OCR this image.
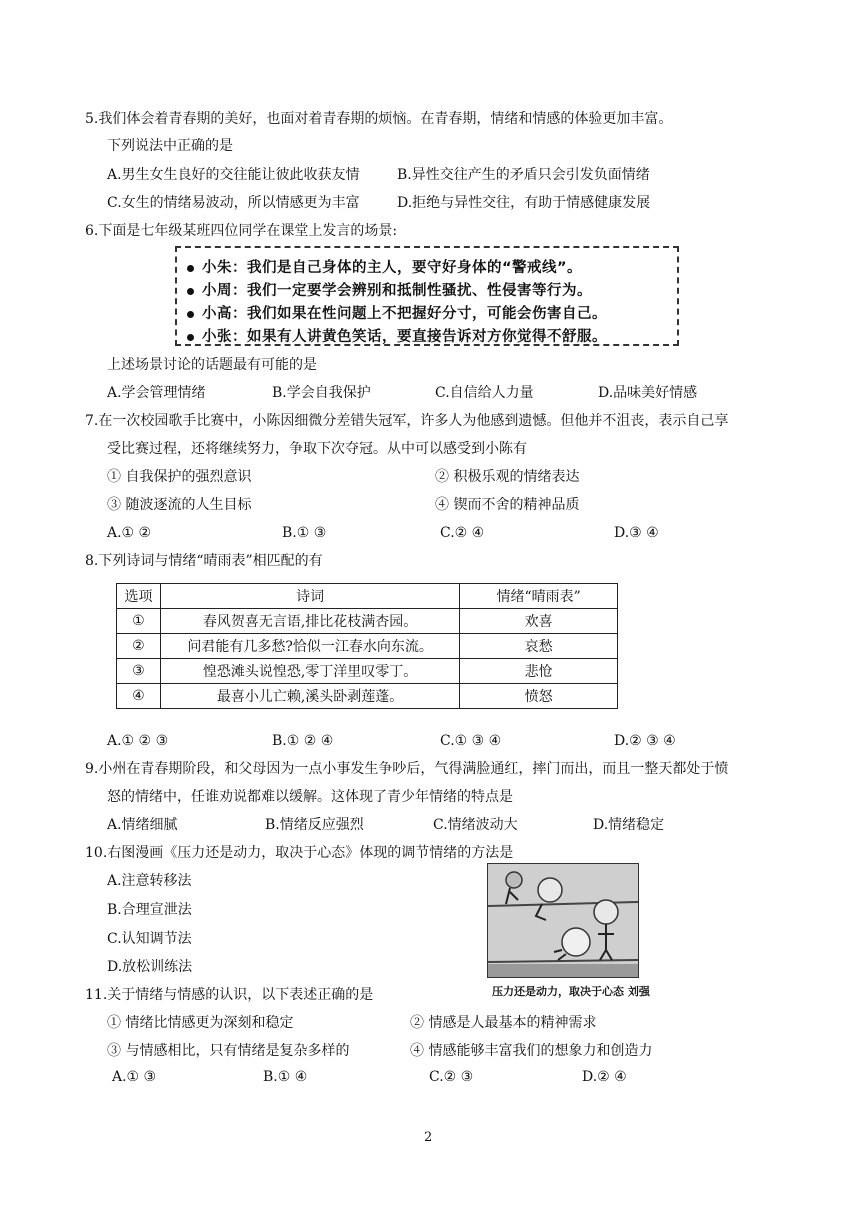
5.我们体会着青春期的美好，也面对着青春期的烦恼。在青春期，情绪和情感的体验更加丰富。
下列说法中正确的是
A.男生女生良好的交往能让彼此收获友情	B.异性交往产生的矛盾只会引发负面情绪
C.女生的情绪易波动，所以情感更为丰富	D.拒绝与异性交往，有助于情感健康发展
6.下面是七年级某班四位同学在课堂上发言的场景:
小朱：我们是自己身体的主人，要守好身体的“警戒线”。
小周：我们一定要学会辨别和抵制性骚扰、性侵害等行为。
小高：我们如果在性问题上不把握好分寸，可能会伤害自己。
小张：如果有人讲黄色笑话，要直接告诉对方你觉得不舒服。
上述场景讨论的话题最有可能的是
A.学会管理情绪	B.学会自我保护	C.自信给人力量	D.品味美好情感
7.在一次校园歌手比赛中，小陈因细微分差错失冠军，许多人为他感到遗憾。但他并不沮丧，表示自己享
受比赛过程，还将继续努力，争取下次夺冠。从中可以感受到小陈有
① 自我保护的强烈意识	② 积极乐观的情绪表达
③ 随波逐流的人生目标	④ 锲而不舍的精神品质
A.① ②	B.① ③	C.② ④	D.③ ④
8.下列诗词与情绪“晴雨表”相匹配的有
选项	诗词	情绪“晴雨表”
①	春风贺喜无言语,排比花枝满杏园。	欢喜
②	问君能有几多愁?恰似一江春水向东流。	哀愁
③	惶恐滩头说惶恐,零丁洋里叹零丁。	悲怆
④	最喜小儿亡赖,溪头卧剥莲蓬。	愤怒
A.① ② ③	B.① ② ④	C.① ③ ④	D.② ③ ④
9.小州在青春期阶段，和父母因为一点小事发生争吵后，气得满脸通红，摔门而出，而且一整天都处于愤
怒的情绪中，任谁劝说都难以缓解。这体现了青少年情绪的特点是
A.情绪细腻	B.情绪反应强烈	C.情绪波动大	D.情绪稳定
10.右图漫画《压力还是动力，取决于心态》体现的调节情绪的方法是
A.注意转移法
B.合理宣泄法
C.认知调节法
D.放松训练法
压力还是动力，取决于心态 刘强
11.关于情绪与情感的认识，以下表述正确的是
① 情绪比情感更为深刻和稳定	② 情感是人最基本的精神需求
③ 与情感相比，只有情绪是复杂多样的	④ 情感能够丰富我们的想象力和创造力
A.① ③	B.① ④	C.② ③	D.② ④
2
